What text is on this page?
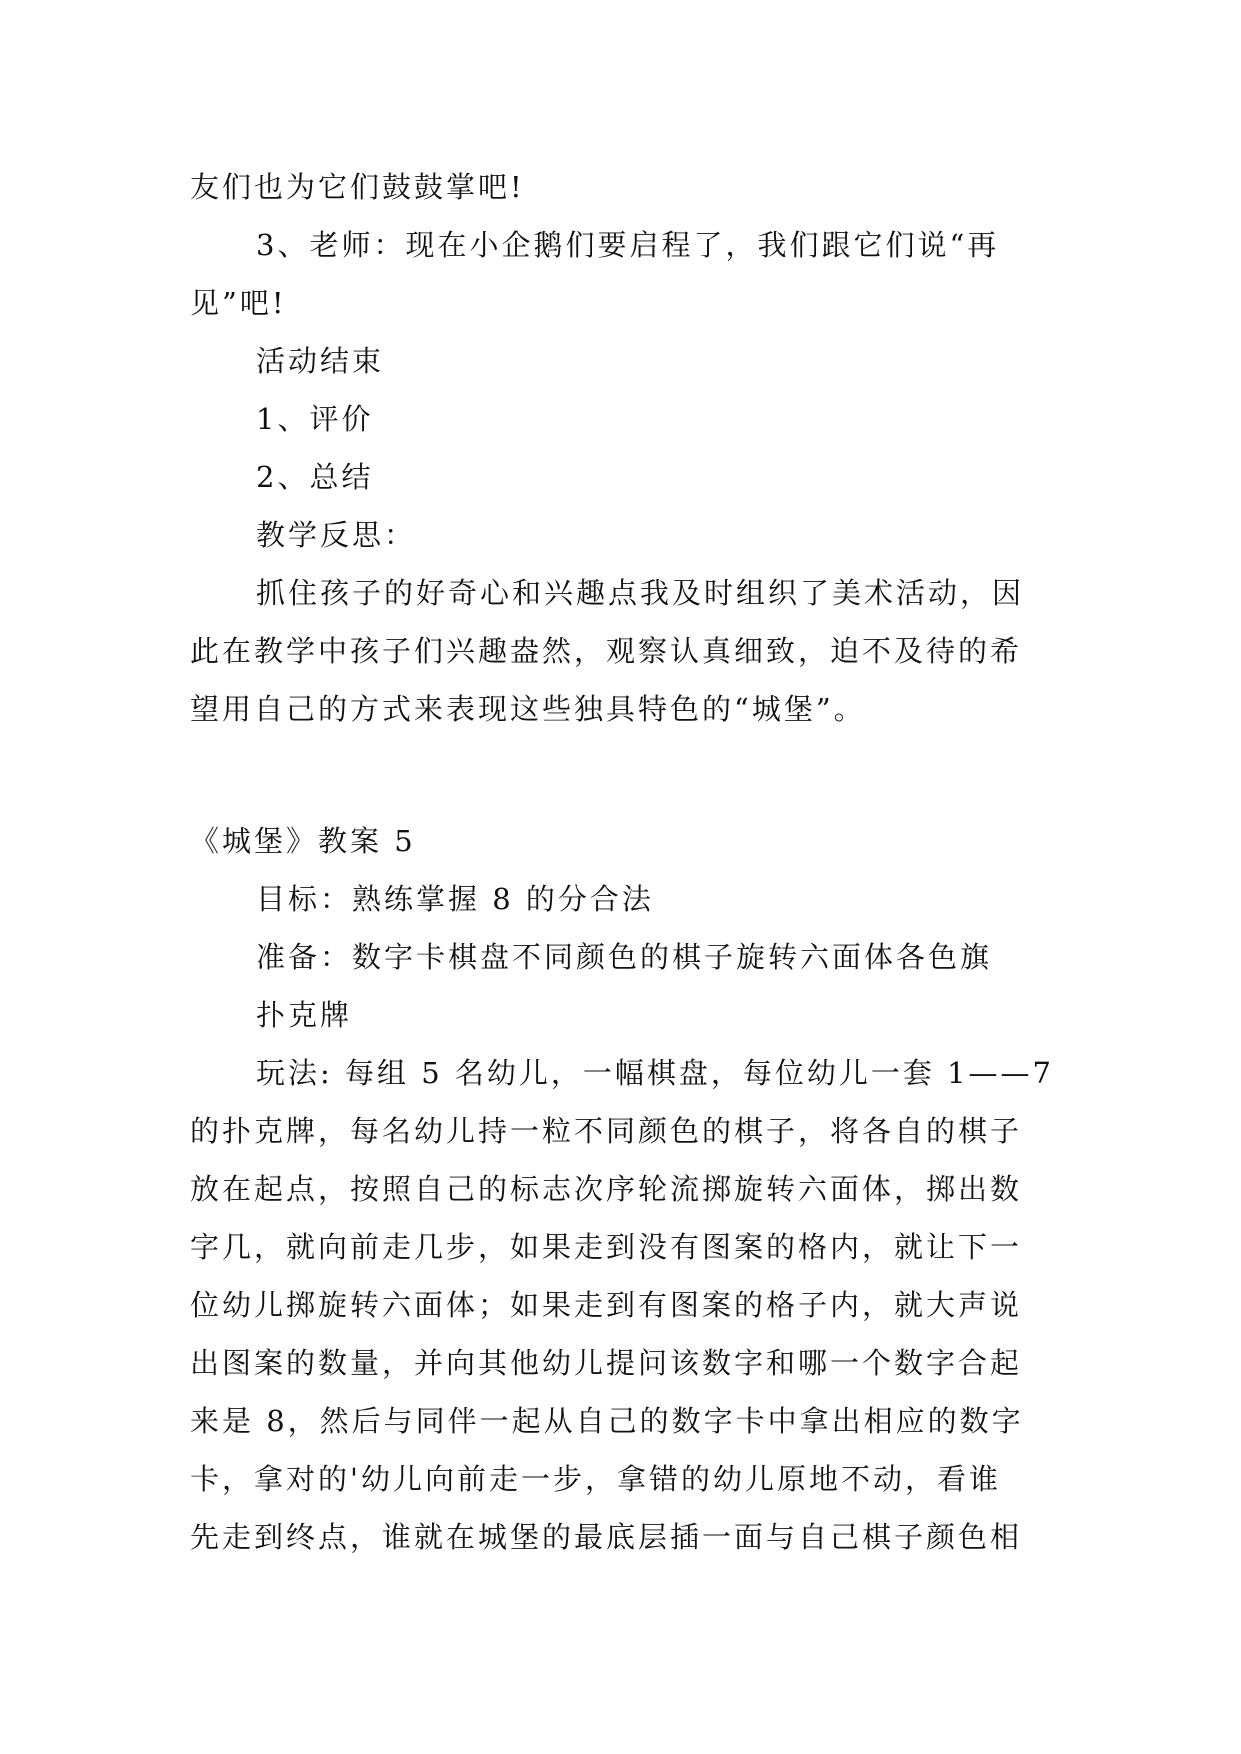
友们也为它们鼓鼓掌吧!
3、老师：现在小企鹅们要启程了，我们跟它们说“再
见”吧!
活动结束
1、评价
2、总结
教学反思：
抓住孩子的好奇心和兴趣点我及时组织了美术活动，因
此在教学中孩子们兴趣盎然，观察认真细致，迫不及待的希
望用自己的方式来表现这些独具特色的“城堡”。
《城堡》教案 5
目标：熟练掌握 8 的分合法
准备：数字卡棋盘不同颜色的棋子旋转六面体各色旗
扑克牌
玩法: 每组 5 名幼儿，一幅棋盘，每位幼儿一套 1——7
的扑克牌，每名幼儿持一粒不同颜色的棋子，将各自的棋子
放在起点，按照自己的标志次序轮流掷旋转六面体，掷出数
字几，就向前走几步，如果走到没有图案的格内，就让下一
位幼儿掷旋转六面体；如果走到有图案的格子内，就大声说
出图案的数量，并向其他幼儿提问该数字和哪一个数字合起
来是 8，然后与同伴一起从自己的数字卡中拿出相应的数字
卡，拿对的'幼儿向前走一步，拿错的幼儿原地不动，看谁
先走到终点，谁就在城堡的最底层插一面与自己棋子颜色相
